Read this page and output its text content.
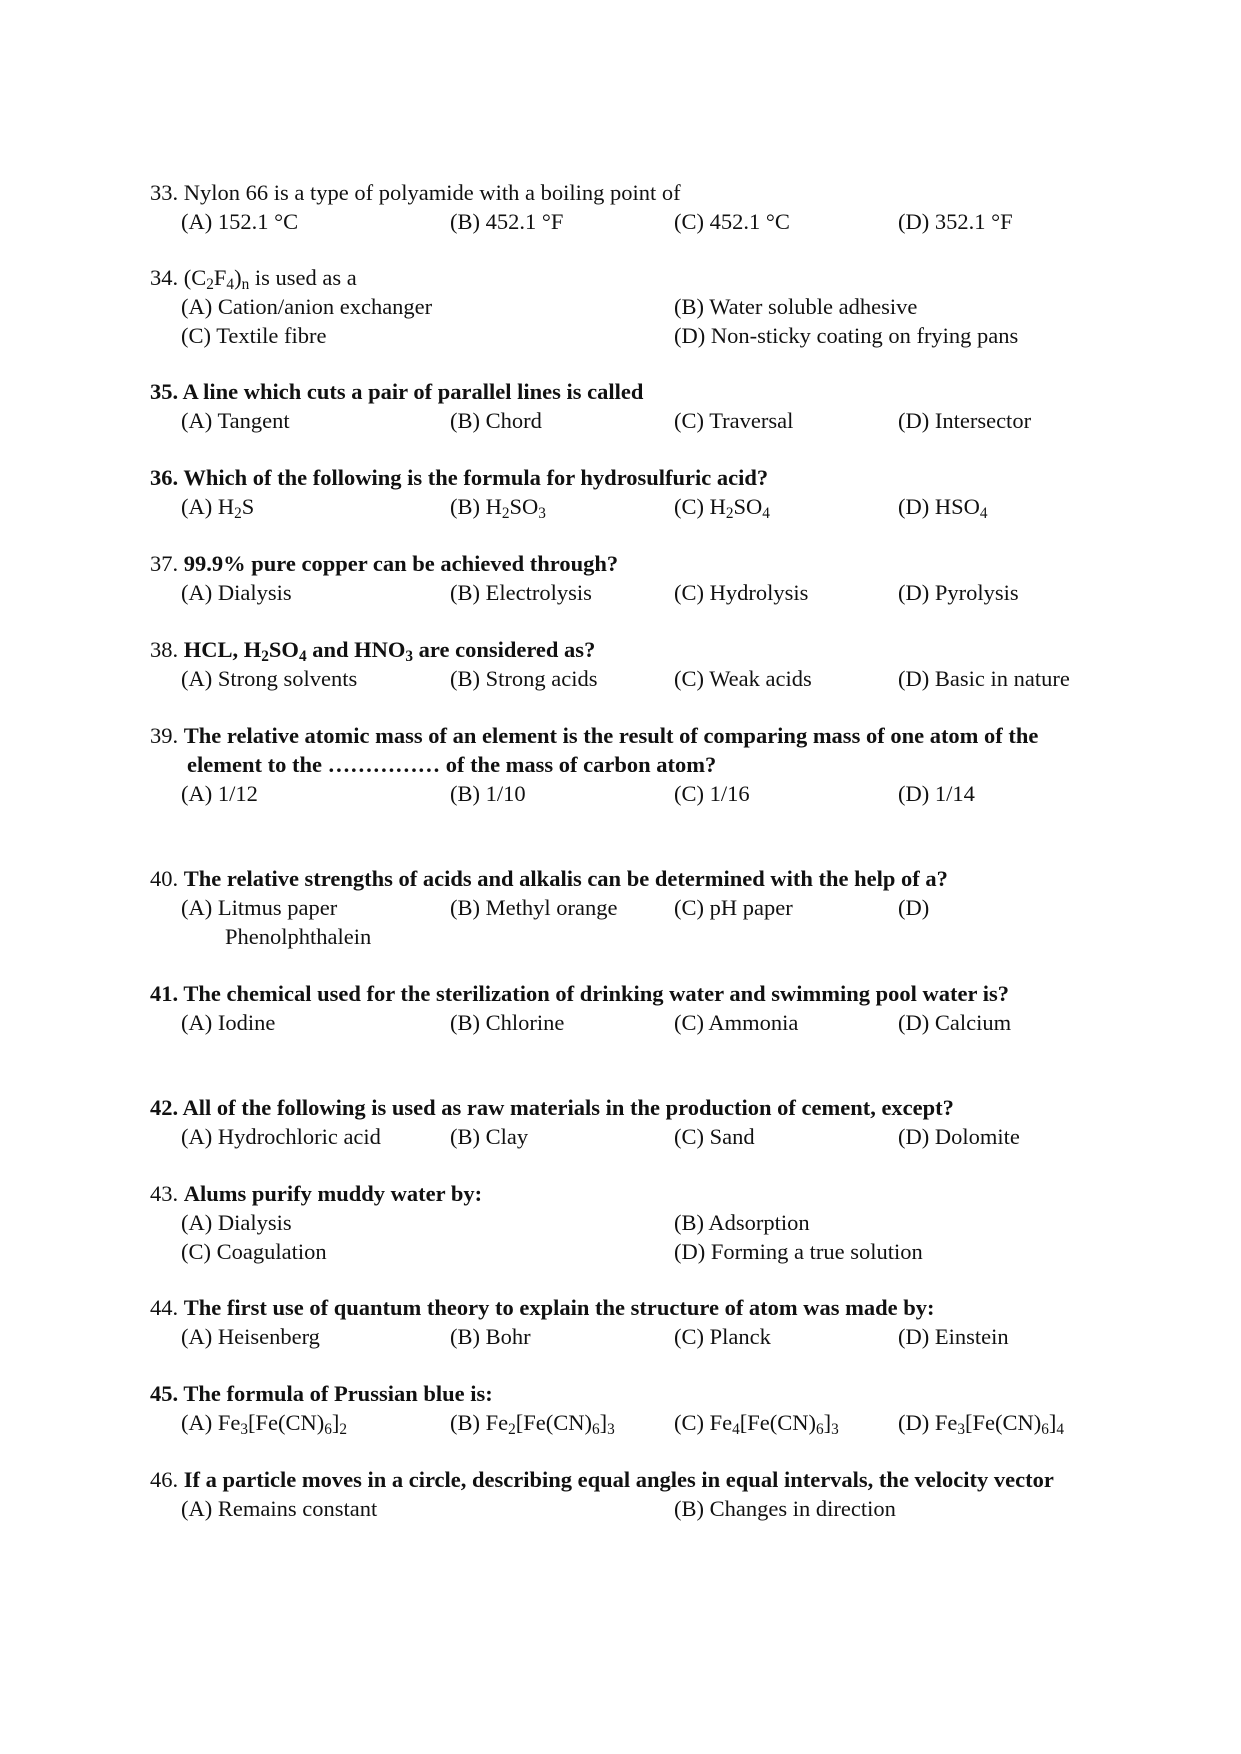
33. Nylon 66 is a type of polyamide with a boiling point of
(A) 152.1 °C	(B) 452.1 °F	(C) 452.1 °C	(D) 352.1 °F
34. $(C_2F_4)_n$ is used as a
(A) Cation/anion exchanger	(B) Water soluble adhesive
(C) Textile fibre	(D) Non-sticky coating on frying pans
35. A line which cuts a pair of parallel lines is called
(A) Tangent	(B) Chord	(C) Traversal	(D) Intersector
36. Which of the following is the formula for hydrosulfuric acid?
(A) $H_2S$	(B) $H_2SO_3$	(C) $H_2SO_4$	(D) $HSO_4$
37. 99.9% pure copper can be achieved through?
(A) Dialysis	(B) Electrolysis	(C) Hydrolysis	(D) Pyrolysis
38. HCL, $H_2SO_4$ and $HNO_3$ are considered as?
(A) Strong solvents	(B) Strong acids	(C) Weak acids	(D) Basic in nature
39. The relative atomic mass of an element is the result of comparing mass of one atom of the
element to the …………… of the mass of carbon atom?
(A) 1/12	(B) 1/10	(C) 1/16	(D) 1/14
40. The relative strengths of acids and alkalis can be determined with the help of a?
(A) Litmus paper	(B) Methyl orange	(C) pH paper	(D)
Phenolphthalein
41. The chemical used for the sterilization of drinking water and swimming pool water is?
(A) Iodine	(B) Chlorine	(C) Ammonia	(D) Calcium
42. All of the following is used as raw materials in the production of cement, except?
(A) Hydrochloric acid	(B) Clay	(C) Sand	(D) Dolomite
43. Alums purify muddy water by:
(A) Dialysis	(B) Adsorption
(C) Coagulation	(D) Forming a true solution
44. The first use of quantum theory to explain the structure of atom was made by:
(A) Heisenberg	(B) Bohr	(C) Planck	(D) Einstein
45. The formula of Prussian blue is:
(A) $Fe_3[Fe(CN)_6]_2$	(B) $Fe_2[Fe(CN)_6]_3$	(C) $Fe_4[Fe(CN)_6]_3$	(D) $Fe_3[Fe(CN)_6]_4$
46. If a particle moves in a circle, describing equal angles in equal intervals, the velocity vector
(A) Remains constant	(B) Changes in direction
